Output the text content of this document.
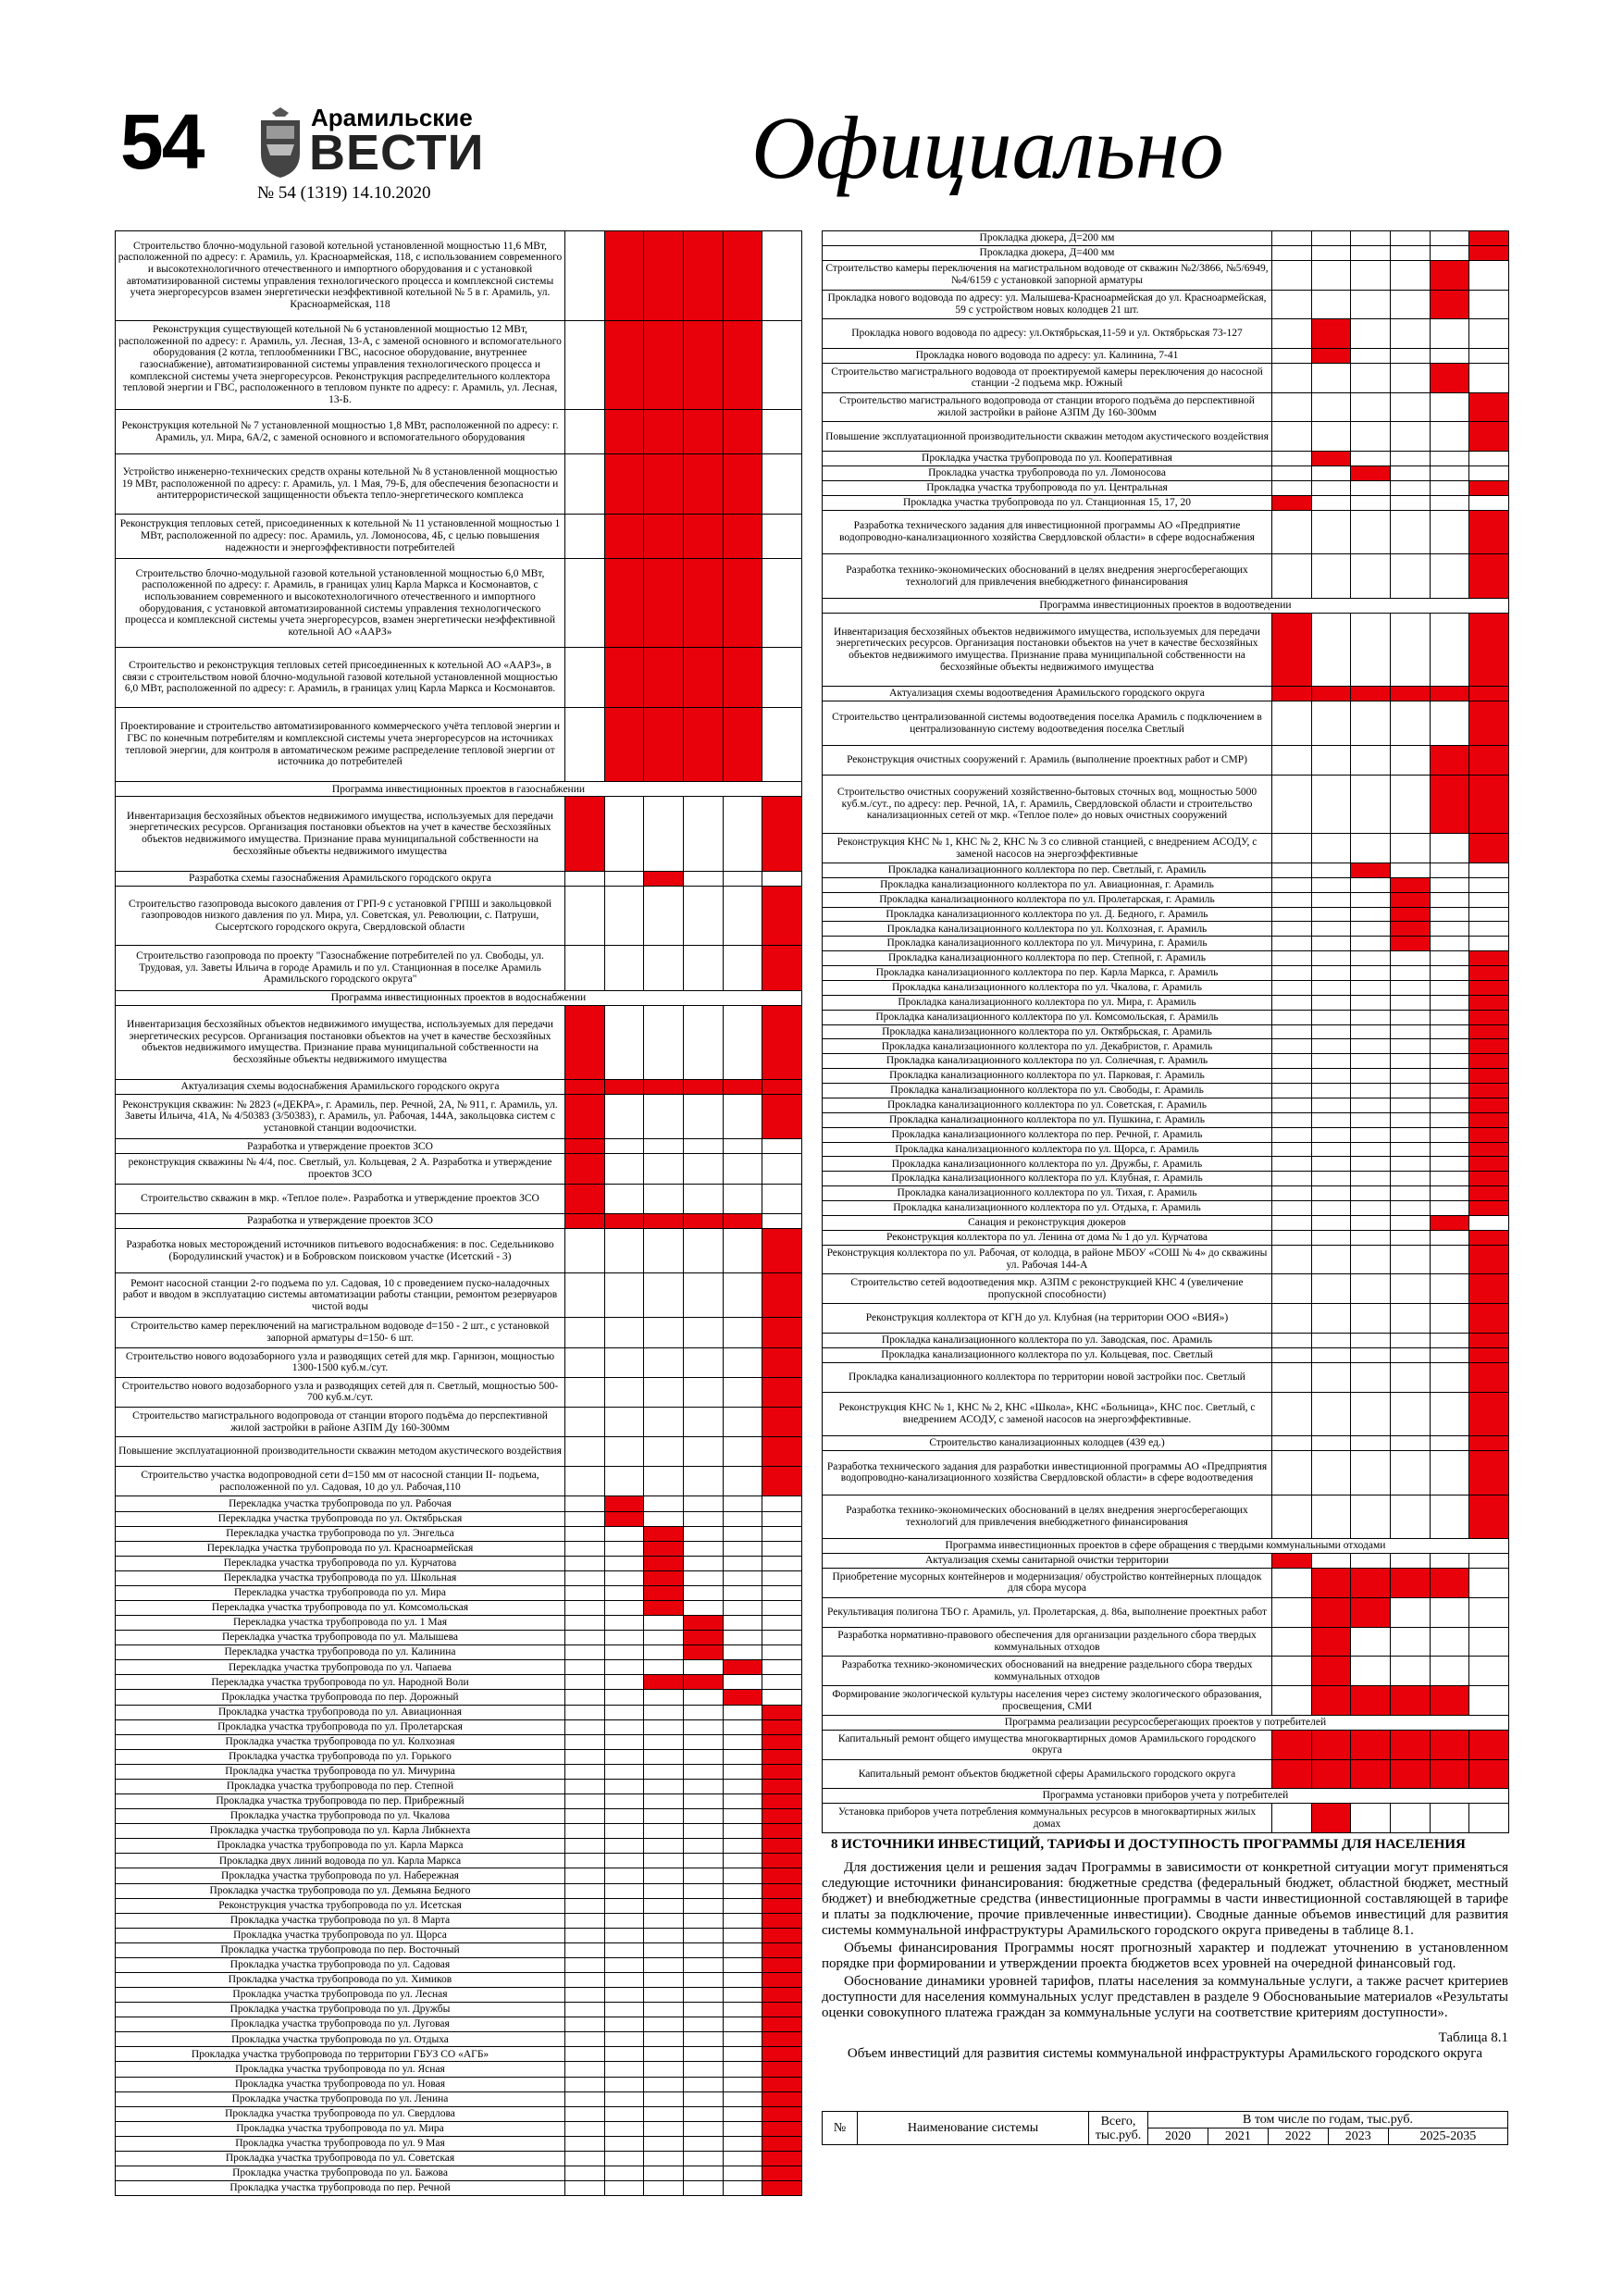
54	Арамильские
ВЕСТИ
№ 54 (1319) 14.10.2020	Официально
Строительство блочно-модульной газовой котельной установленной мощностью 11,6 МВт, расположенной по адресу: г. Арамиль, ул. Красноармейская, 118, с использованием современного и высокотехнологичного отечественного и импортного оборудования и с установкой автоматизированной системы управления технологического процесса и комплексной системы учета энергоресурсов взамен энергетически неэффективной котельной № 5 в г. Арамиль, ул. Красноармейская, 118						

Реконструкция существующей котельной № 6 установленной мощностью 12 МВт, расположенной по адресу: г. Арамиль, ул. Лесная, 13-А, с заменой основного и вспомогательного оборудования (2 котла, теплообменники ГВС, насосное оборудование, внутреннее газоснабжение), автоматизированной системы управления технологического процесса и комплексной системы учета энергоресурсов. Реконструкция распределительного коллектора тепловой энергии и ГВС, расположенного в тепловом пункте по адресу: г. Арамиль, ул. Лесная, 13-Б.						

Реконструкция котельной № 7 установленной мощностью 1,8 МВт, расположенной по адресу: г. Арамиль, ул. Мира, 6А/2, с заменой основного и вспомогательного оборудования						

Устройство инженерно-технических средств охраны котельной № 8 установленной мощностью 19 МВт, расположенной по адресу: г. Арамиль, ул. 1 Мая, 79-Б, для обеспечения безопасности и антитеррористической защищенности объекта тепло-энергетического комплекса						

Реконструкция тепловых сетей, присоединенных к котельной № 11 установленной мощностью 1 МВт, расположенной по адресу: пос. Арамиль, ул. Ломоносова, 4Б, с целью повышения надежности и энергоэффективности потребителей						

Строительство блочно-модульной газовой котельной установленной мощностью 6,0 МВт, расположенной по адресу: г. Арамиль, в границах улиц Карла Маркса и Космонавтов, с использованием современного и высокотехнологичного отечественного и импортного оборудования, с установкой автоматизированной системы управления технологического процесса и комплексной системы учета энергоресурсов, взамен энергетически неэффективной котельной АО «ААРЗ»						

Строительство и реконструкция тепловых сетей присоединенных к котельной АО «ААРЗ», в связи с строительством новой блочно-модульной газовой котельной установленной мощностью 6,0 МВт, расположенной по адресу: г. Арамиль, в границах улиц Карла Маркса и Космонавтов.						

Проектирование и строительство автоматизированного коммерческого учёта тепловой энергии и ГВС по конечным потребителям и комплексной системы учета энергоресурсов на источниках тепловой энергии, для контроля в автоматическом режиме распределение тепловой энергии от источника до потребителей						

Программа инвестиционных проектов в газоснабжении						

Инвентаризация бесхозяйных объектов недвижимого имущества, используемых для передачи энергетических ресурсов. Организация постановки объектов на учет в качестве бесхозяйных объектов недвижимого имущества. Признание права муниципальной собственности на бесхозяйные объекты недвижимого имущества						

Разработка схемы газоснабжения Арамильского городского округа						

Строительство газопровода высокого давления от ГРП-9 с установкой ГРПШ и закольцовкой газопроводов низкого давления по ул. Мира, ул. Советская, ул. Революции, с. Патруши, Сысертского городского округа, Свердловской области						

Строительство газопровода по проекту "Газоснабжение потребителей по ул. Свободы, ул. Трудовая, ул. Заветы Ильича в городе Арамиль и по ул. Станционная в поселке Арамиль Арамильского городского округа"						

Программа инвестиционных проектов в водоснабжении						

Инвентаризация бесхозяйных объектов недвижимого имущества, используемых для передачи энергетических ресурсов. Организация постановки объектов на учет в качестве бесхозяйных объектов недвижимого имущества. Признание права муниципальной собственности на бесхозяйные объекты недвижимого имущества						

Актуализация схемы водоснабжения Арамильского городского округа						

Реконструкция скважин: № 2823 («ДЕКРА», г. Арамиль, пер. Речной, 2А, № 911, г. Арамиль, ул. Заветы Ильича, 41А, № 4/50383 (3/50383), г. Арамиль, ул. Рабочая, 144А, закольцовка систем с установкой станции водоочистки.						

Разработка и утверждение проектов ЗСО						

реконструкция скважины № 4/4, пос. Светлый, ул. Кольцевая, 2 А. Разработка и утверждение проектов ЗСО						

Строительство скважин в мкр. «Теплое поле». Разработка и утверждение проектов ЗСО						

Разработка и утверждение проектов ЗСО						

Разработка новых месторождений источников питьевого водоснабжения: в пос. Седельниково (Бородулинский участок) и в Бобровском поисковом участке (Исетский - 3)						

Ремонт насосной станции 2-го подъема по ул. Садовая, 10 с проведением пуско-наладочных работ и вводом в эксплуатацию системы автоматизации работы станции, ремонтом резервуаров чистой воды						

Строительство камер переключений на магистральном водоводе d=150 - 2 шт., с установкой запорной арматуры d=150- 6 шт.						

Строительство нового водозаборного узла и разводящих сетей для мкр. Гарнизон, мощностью 1300-1500 куб.м./сут.						

Строительство нового водозаборного узла и разводящих сетей для п. Светлый, мощностью 500-700 куб.м./сут.						

Строительство магистрального водопровода от станции второго подъёма до перспективной жилой застройки в районе АЗПМ Ду 160-300мм						

Повышение эксплуатационной производительности скважин методом акустического воздействия						

Строительство участка водопроводной сети d=150 мм от насосной станции II- подъема, расположенной по ул. Садовая, 10 до ул. Рабочая,110						

Перекладка участка трубопровода по ул. Рабочая						

Перекладка участка трубопровода по ул. Октябрьская						

Перекладка участка трубопровода по ул. Энгельса						

Перекладка участка трубопровода по ул. Красноармейская						

Перекладка участка трубопровода по ул. Курчатова						

Перекладка участка трубопровода по ул. Школьная						

Перекладка участка трубопровода по ул. Мира						

Перекладка участка трубопровода по ул. Комсомольская						

Перекладка участка трубопровода по ул. 1 Мая						

Перекладка участка трубопровода по ул. Малышева						

Перекладка участка трубопровода по ул. Калинина						

Перекладка участка трубопровода по ул. Чапаева						

Перекладка участка трубопровода по ул. Народной Воли						

Прокладка участка трубопровода по пер. Дорожный						

Прокладка участка трубопровода по ул. Авиационная						

Прокладка участка трубопровода по ул. Пролетарская						

Прокладка участка трубопровода по ул. Колхозная						

Прокладка участка трубопровода по ул. Горького						

Прокладка участка трубопровода по ул. Мичурина						

Прокладка участка трубопровода по пер. Степной						

Прокладка участка трубопровода по пер. Прибрежный						

Прокладка участка трубопровода по ул. Чкалова						

Прокладка участка трубопровода по ул. Карла Либкнехта						

Прокладка участка трубопровода по ул. Карла Маркса						

Прокладка двух линий водовода по ул. Карла Маркса						

Прокладка участка трубопровода по ул. Набережная						

Прокладка участка трубопровода по ул. Демьяна Бедного						

Реконструкция участка трубопровода по ул. Исетская						

Прокладка участка трубопровода по ул. 8 Марта						

Прокладка участка трубопровода по ул. Щорса						

Прокладка участка трубопровода по пер. Восточный						

Прокладка участка трубопровода по ул. Садовая						

Прокладка участка трубопровода по ул. Химиков						

Прокладка участка трубопровода по ул. Лесная						

Прокладка участка трубопровода по ул. Дружбы						

Прокладка участка трубопровода по ул. Луговая						

Прокладка участка трубопровода по ул. Отдыха						

Прокладка участка трубопровода по территории ГБУЗ СО «АГБ»						

Прокладка участка трубопровода по ул. Ясная						

Прокладка участка трубопровода по ул. Новая						

Прокладка участка трубопровода по ул. Ленина						

Прокладка участка трубопровода по ул. Свердлова						

Прокладка участка трубопровода по ул. Мира						

Прокладка участка трубопровода по ул. 9 Мая						

Прокладка участка трубопровода по ул. Советская						

Прокладка участка трубопровода по ул. Бажова						

Прокладка участка трубопровода по пер. Речной						

Прокладка дюкера, Д=200 мм						

Прокладка дюкера, Д=400 мм						

Строительство камеры переключения на магистральном водоводе от скважин №2/3866, №5/6949, №4/6159 с установкой запорной арматуры						

Прокладка нового водовода по адресу: ул. Малышева-Красноармейская до ул. Красноармейская, 59 с устройством новых колодцев 21 шт.						

Прокладка нового водовода по адресу: ул.Октябрьская,11-59 и ул. Октябрьская 73-127						

Прокладка нового водовода по адресу: ул. Калинина, 7-41						

Строительство магистрального водовода от проектируемой камеры переключения до насосной станции -2 подъема мкр. Южный						

Строительство магистрального водопровода от станции второго подъёма до перспективной жилой застройки в районе АЗПМ Ду 160-300мм						

Повышение эксплуатационной производительности скважин методом акустического воздействия						

Прокладка участка трубопровода по ул. Кооперативная						

Прокладка участка трубопровода по ул. Ломоносова						

Прокладка участка трубопровода по ул. Центральная						

Прокладка участка трубопровода по ул. Станционная 15, 17, 20						

Разработка технического задания для инвестиционной программы АО «Предприятие водопроводно-канализационного хозяйства Свердловской области» в сфере водоснабжения						

Разработка технико-экономических обоснований в целях внедрения энергосберегающих технологий для привлечения внебюджетного финансирования						

Программа инвестиционных проектов в водоотведении						

Инвентаризация бесхозяйных объектов недвижимого имущества, используемых для передачи энергетических ресурсов. Организация постановки объектов на учет в качестве бесхозяйных объектов недвижимого имущества. Признание права муниципальной собственности на бесхозяйные объекты недвижимого имущества						

Актуализация схемы водоотведения Арамильского городского округа						

Строительство централизованной системы водоотведения поселка Арамиль с подключением в централизованную систему водоотведения поселка Светлый						

Реконструкция очистных сооружений г. Арамиль (выполнение проектных работ и СМР)						

Строительство очистных сооружений хозяйственно-бытовых сточных вод, мощностью 5000 куб.м./сут., по адресу: пер. Речной, 1А, г. Арамиль, Свердловской области и строительство канализационных сетей от мкр. «Теплое поле» до новых очистных сооружений						

Реконструкция КНС № 1, КНС № 2, КНС № 3 со сливной станцией, с внедрением АСОДУ, с заменой насосов на энергоэффективные						

Прокладка канализационного коллектора по пер. Светлый, г. Арамиль						

Прокладка канализационного коллектора по ул. Авиационная, г. Арамиль						

Прокладка канализационного коллектора по ул. Пролетарская, г. Арамиль						

Прокладка канализационного коллектора по ул. Д. Бедного, г. Арамиль						

Прокладка канализационного коллектора по ул. Колхозная, г. Арамиль						

Прокладка канализационного коллектора по ул. Мичурина, г. Арамиль						

Прокладка канализационного коллектора по пер. Степной, г. Арамиль						

Прокладка канализационного коллектора по пер. Карла Маркса, г. Арамиль						

Прокладка канализационного коллектора по ул. Чкалова, г. Арамиль						

Прокладка канализационного коллектора по ул. Мира, г. Арамиль						

Прокладка канализационного коллектора по ул. Комсомольская, г. Арамиль						

Прокладка канализационного коллектора по ул. Октябрьская, г. Арамиль						

Прокладка канализационного коллектора по ул. Декабристов, г. Арамиль						

Прокладка канализационного коллектора по ул. Солнечная, г. Арамиль						

Прокладка канализационного коллектора по ул. Парковая, г. Арамиль						

Прокладка канализационного коллектора по ул. Свободы, г. Арамиль						

Прокладка канализационного коллектора по ул. Советская, г. Арамиль						

Прокладка канализационного коллектора по ул. Пушкина, г. Арамиль						

Прокладка канализационного коллектора по пер. Речной, г. Арамиль						

Прокладка канализационного коллектора по ул. Щорса, г. Арамиль						

Прокладка канализационного коллектора по ул. Дружбы, г. Арамиль						

Прокладка канализационного коллектора по ул. Клубная, г. Арамиль						

Прокладка канализационного коллектора по ул. Тихая, г. Арамиль						

Прокладка канализационного коллектора по ул. Отдыха, г. Арамиль						

Санация и реконструкция дюкеров						

Реконструкция коллектора по ул. Ленина от дома № 1 до ул. Курчатова						

Реконструкция коллектора по ул. Рабочая, от колодца, в районе МБОУ «СОШ № 4» до скважины ул. Рабочая 144-А						

Строительство сетей водоотведения мкр. АЗПМ с реконструкцией КНС 4 (увеличение пропускной способности)						

Реконструкция коллектора от КГН до ул. Клубная (на территории ООО «ВИЯ»)						

Прокладка канализационного коллектора по ул. Заводская, пос. Арамиль						

Прокладка канализационного коллектора по ул. Кольцевая, пос. Светлый						

Прокладка канализационного коллектора по территории новой застройки пос. Светлый						

Реконструкция КНС № 1, КНС № 2, КНС «Школа», КНС «Больница», КНС пос. Светлый, с внедрением АСОДУ, с заменой насосов на энергоэффективные.						

Строительство канализационных колодцев (439 ед.)						

Разработка технического задания для разработки инвестиционной программы АО «Предприятия водопроводно-канализационного хозяйства Свердловской области» в сфере водоотведения						

Разработка технико-экономических обоснований в целях внедрения энергосберегающих технологий для привлечения внебюджетного финансирования						

Программа инвестиционных проектов в сфере обращения с твердыми коммунальными отходами						

Актуализация схемы санитарной очистки территории						

Приобретение мусорных контейнеров и модернизация/ обустройство контейнерных площадок для сбора мусора						

Рекультивация полигона ТБО г. Арамиль, ул. Пролетарская, д. 86а, выполнение проектных работ						

Разработка нормативно-правового обеспечения для организации раздельного сбора твердых коммунальных отходов						

Разработка технико-экономических обоснований на внедрение раздельного сбора твердых коммунальных отходов						

Формирование экологической культуры населения через систему экологического образования, просвещения, СМИ						

Программа реализации ресурсосберегающих проектов у потребителей						

Капитальный ремонт общего имущества многоквартирных домов Арамильского городского округа						

Капитальный ремонт объектов бюджетной сферы Арамильского городского округа						

Программа установки приборов учета у потребителей						

Установка приборов учета потребления коммунальных ресурсов в многоквартирных жилых домах						

8 ИСТОЧНИКИ ИНВЕСТИЦИЙ, ТАРИФЫ И ДОСТУПНОСТЬ ПРОГРАММЫ ДЛЯ НАСЕЛЕНИЯ

Для достижения цели и решения задач Программы в зависимости от конкретной ситуации могут применяться следующие источники финансирования: бюджетные средства (федеральный бюджет, областной бюджет, местный бюджет) и внебюджетные средства (инвестиционные программы в части инвестиционной составляющей в тарифе и платы за подключение, прочие привлеченные инвестиции). Сводные данные объемов инвестиций для развития системы коммунальной инфраструктуры Арамильского городского округа приведены в таблице 8.1.

Объемы финансирования Программы носят прогнозный характер и подлежат уточнению в установленном порядке при формировании и утверждении проекта бюджетов всех уровней на очередной финансовый год.

Обоснование динамики уровней тарифов, платы населения за коммунальные услуги, а также расчет критериев доступности для населения коммунальных услуг представлен в разделе 9 Обоснованыыие материалов «Результаты оценки совокупного платежа граждан за коммунальные услуги на соответствие критериям доступности».

Таблица 8.1
Объем инвестиций для развития системы коммунальной инфраструктуры Арамильского городского округа
№	Наименование системы	Всего, тыс.руб.	В том числе по годам, тыс.руб.				
			2020	2021	2022	2023	2025-2035
